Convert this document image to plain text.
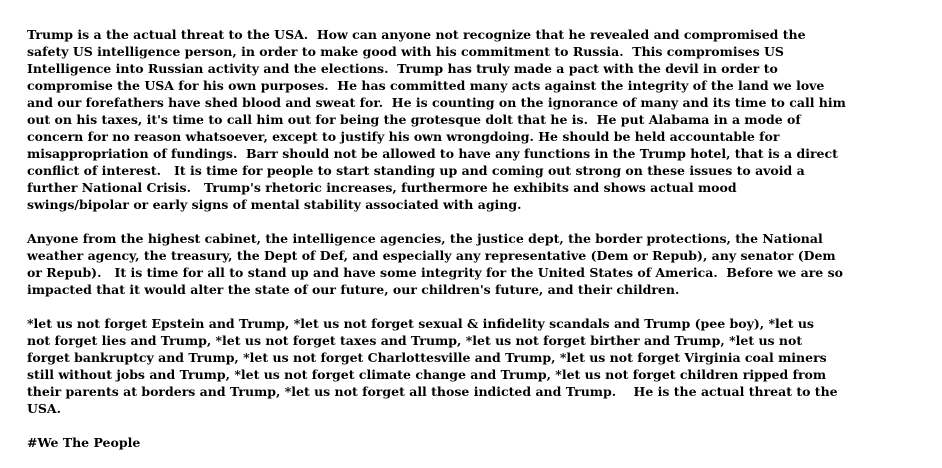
Trump is a the actual threat to the USA.  How can anyone not recognize that he revealed and compromised the
safety US intelligence person, in order to make good with his commitment to Russia.  This compromises US
Intelligence into Russian activity and the elections.  Trump has truly made a pact with the devil in order to
compromise the USA for his own purposes.  He has committed many acts against the integrity of the land we love
and our forefathers have shed blood and sweat for.  He is counting on the ignorance of many and its time to call him
out on his taxes, it's time to call him out for being the grotesque dolt that he is.  He put Alabama in a mode of
concern for no reason whatsoever, except to justify his own wrongdoing. He should be held accountable for
misappropriation of fundings.  Barr should not be allowed to have any functions in the Trump hotel, that is a direct
conflict of interest.   It is time for people to start standing up and coming out strong on these issues to avoid a
further National Crisis.   Trump's rhetoric increases, furthermore he exhibits and shows actual mood
swings/bipolar or early signs of mental stability associated with aging.
Anyone from the highest cabinet, the intelligence agencies, the justice dept, the border protections, the National
weather agency, the treasury, the Dept of Def, and especially any representative (Dem or Repub), any senator (Dem
or Repub).   It is time for all to stand up and have some integrity for the United States of America.  Before we are so
impacted that it would alter the state of our future, our children's future, and their children.
*let us not forget Epstein and Trump, *let us not forget sexual & infidelity scandals and Trump (pee boy), *let us
not forget lies and Trump, *let us not forget taxes and Trump, *let us not forget birther and Trump, *let us not
forget bankruptcy and Trump, *let us not forget Charlottesville and Trump, *let us not forget Virginia coal miners
still without jobs and Trump, *let us not forget climate change and Trump, *let us not forget children ripped from
their parents at borders and Trump, *let us not forget all those indicted and Trump.    He is the actual threat to the
USA.
#We The People
